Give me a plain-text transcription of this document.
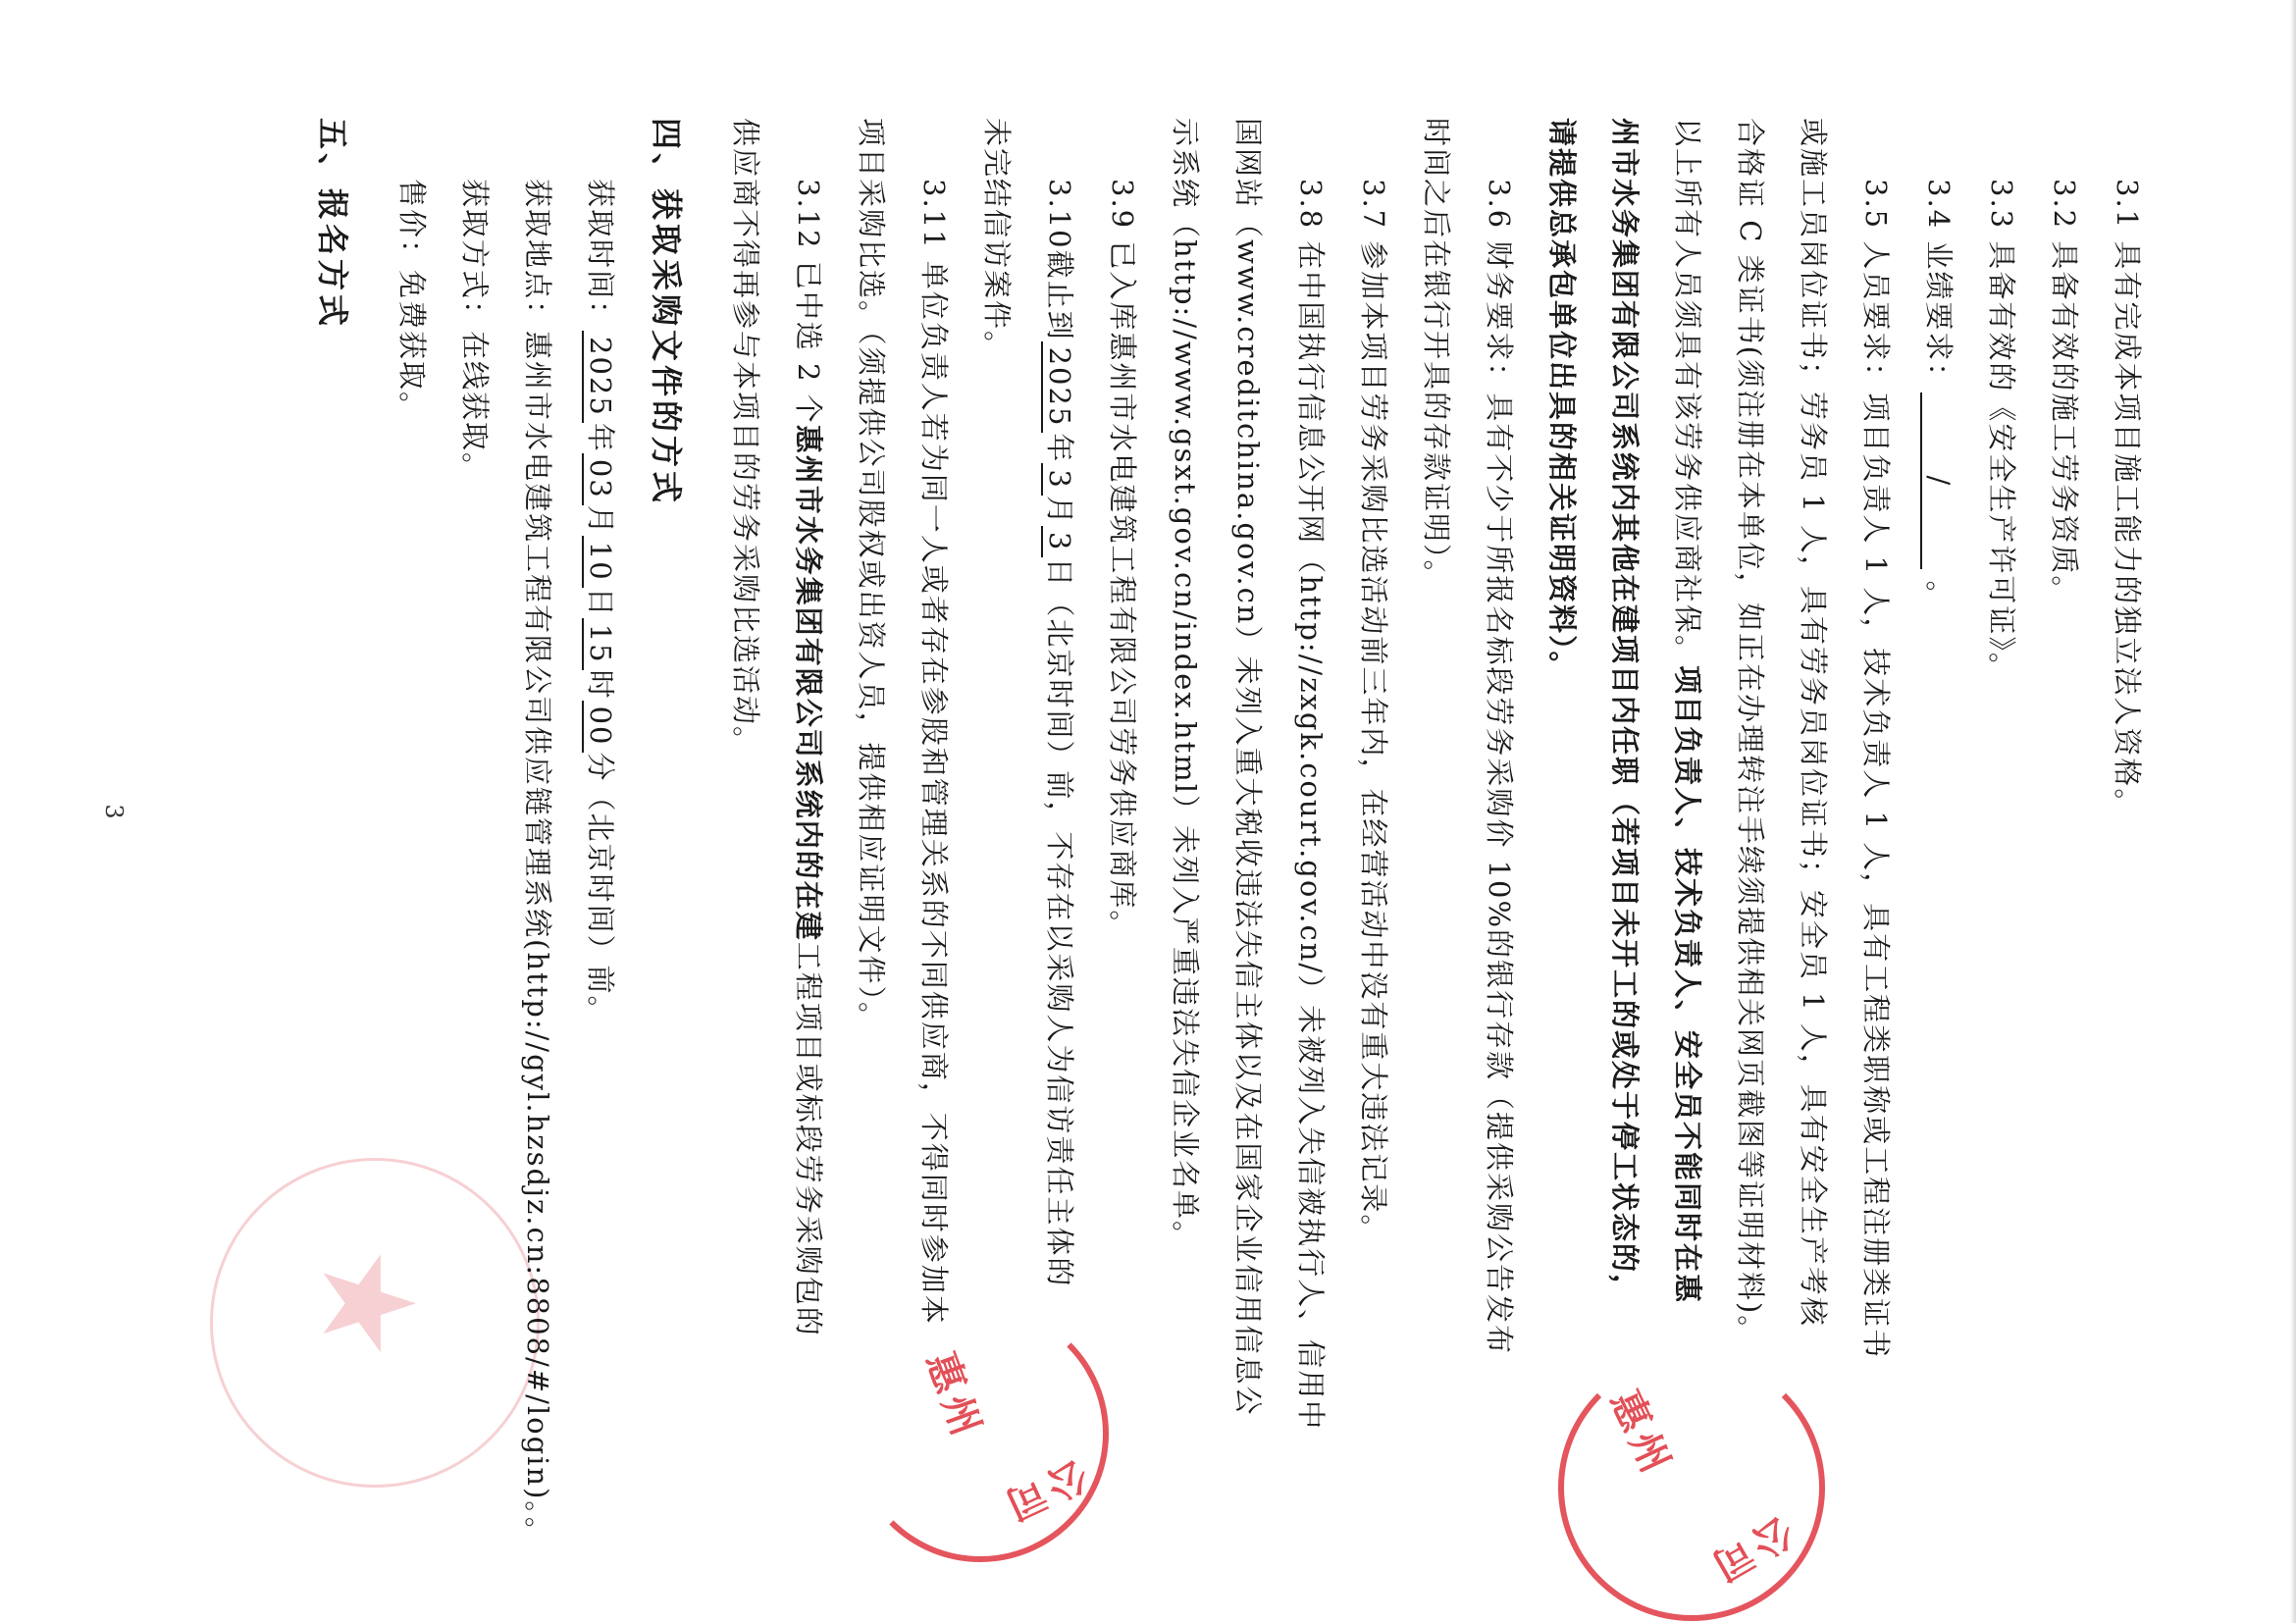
★
3.1 具有完成本项目施工能力的独立法人资格。
3.2 具备有效的施工劳务资质。
3.3 具备有效的《安全生产许可证》。
3.4 业绩要求：/ 。
3.5 人员要求：项目负责人 1 人，技术负责人 1 人，具有工程类职称或工程注册类证书
或施工员岗位证书；劳务员 1 人，具有劳务员岗位证书；安全员 1 人，具有安全生产考核
合格证 C 类证书(须注册在本单位，如正在办理转注手续须提供相关网页截图等证明材料)。
以上所有人员须具有该劳务供应商社保。项目负责人、技术负责人、安全员不能同时在惠
州市水务集团有限公司系统内其他在建项目内任职（若项目未开工的或处于停工状态的，
请提供总承包单位出具的相关证明资料）。
3.6 财务要求：具有不少于所报名标段劳务采购价 10%的银行存款（提供采购公告发布
时间之后在银行开具的存款证明）。
3.7 参加本项目劳务采购比选活动前三年内，在经营活动中没有重大违法记录。
3.8 在中国执行信息公开网（http://zxgk.court.gov.cn/）未被列入失信被执行人、信用中
国网站（www.creditchina.gov.cn）未列入重大税收违法失信主体以及在国家企业信用信息公
示系统（http://www.gsxt.gov.cn/index.html）未列入严重违法失信企业名单。
3.9 已入库惠州市水电建筑工程有限公司劳务供应商库。
3.10截止到2025年3月3日（北京时间）前，不存在以采购人为信访责任主体的
未完结信访案件。
3.11 单位负责人若为同一人或者存在参股和管理关系的不同供应商，不得同时参加本
项目采购比选。（须提供公司股权或出资人员，提供相应证明文件）。
3.12 已中选 2 个惠州市水务集团有限公司系统内的在建工程项目或标段劳务采购包的
供应商不得再参与本项目的劳务采购比选活动。
四、获取采购文件的方式
获取时间：2025年03月10日15时00分（北京时间）前。
获取地点：惠州市水电建筑工程有限公司供应链管理系统(http://gyl.hzsdjz.cn:8808/#/login)。。
获取方式：在线获取。
售价：免费获取。
五、报名方式
3
惠州
公司
惠州
公司
